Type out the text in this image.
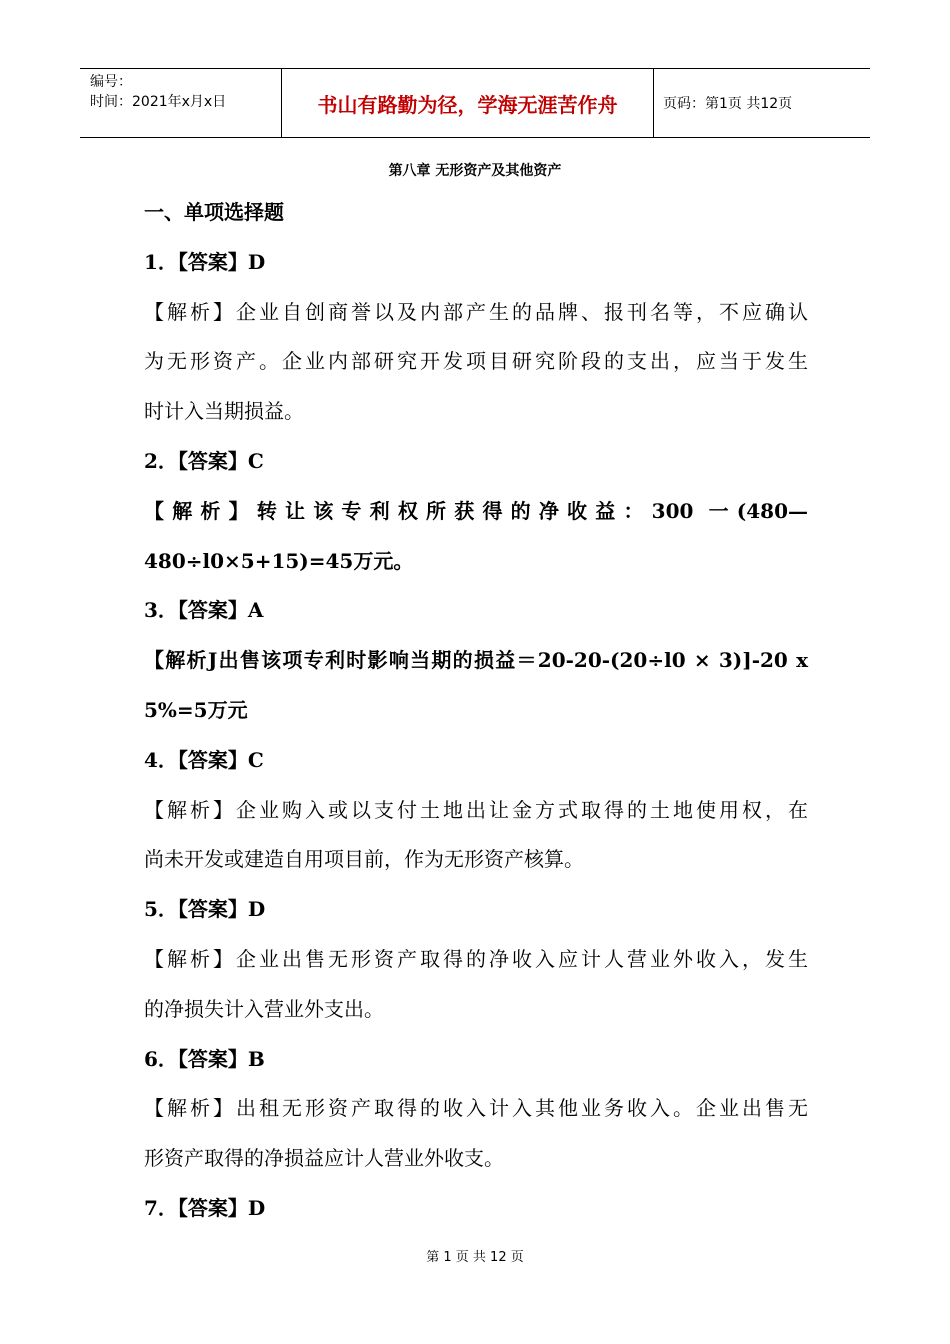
编号：
时间：2021年x月x日	书山有路勤为径，学海无涯苦作舟	页码：第1页 共12页
第八章 无形资产及其他资产

一、单项选择题

1．【答案】D

【解析】企业自创商誉以及内部产生的品牌、报刊名等，不应确认

为无形资产。企业内部研究开发项目研究阶段的支出，应当于发生

时计入当期损益。

2．【答案】C

【解析】转让该专利权所获得的净收益：300 一(480—

480÷l0×5+15)=45万元。

3．【答案】A

【解析J出售该项专利时影响当期的损益＝20-20-(20÷l0 × 3)]-20 x

5%=5万元

4．【答案】C

【解析】企业购入或以支付土地出让金方式取得的土地使用权，在

尚未开发或建造自用项目前，作为无形资产核算。

5．【答案】D

【解析】企业出售无形资产取得的净收入应计人营业外收入，发生

的净损失计入营业外支出。

6．【答案】B

【解析】出租无形资产取得的收入计入其他业务收入。企业出售无

形资产取得的净损益应计人营业外收支。

7．【答案】D

第 1 页 共 12 页
